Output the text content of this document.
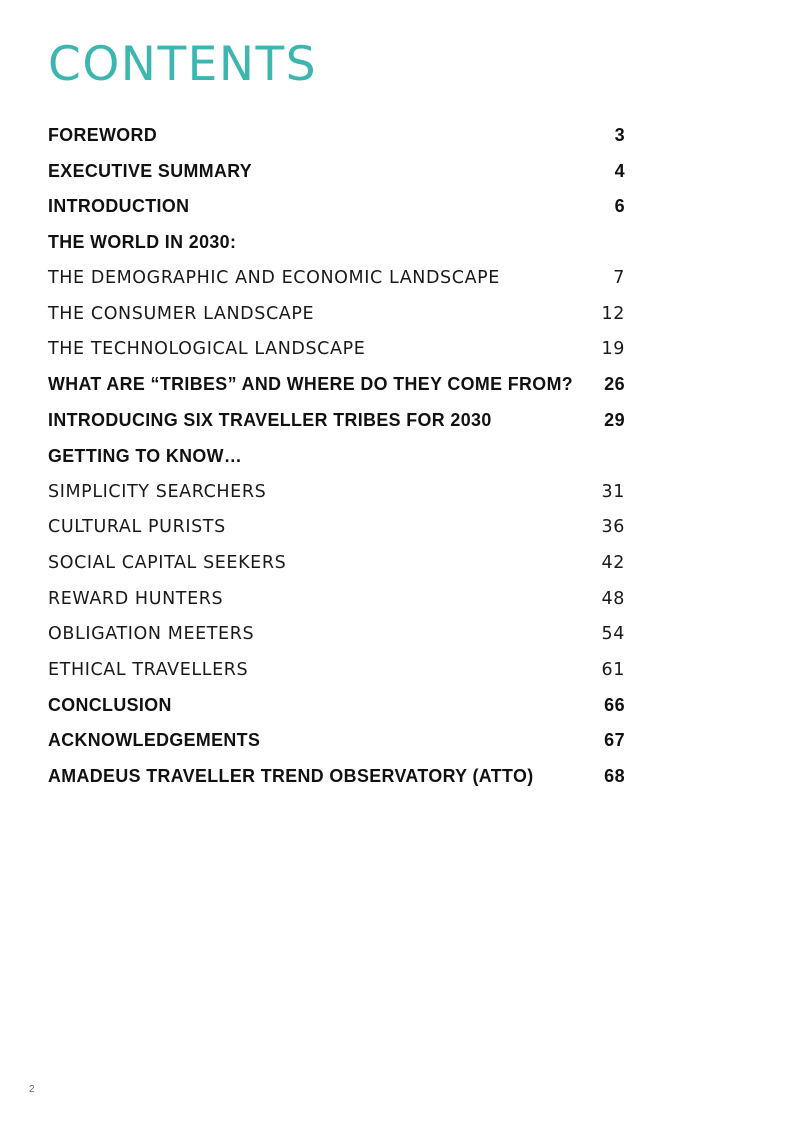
CONTENTS
FOREWORD	3
EXECUTIVE SUMMARY	4
INTRODUCTION	6
THE WORLD IN 2030:
THE DEMOGRAPHIC AND ECONOMIC LANDSCAPE	7
THE CONSUMER LANDSCAPE	12
THE TECHNOLOGICAL LANDSCAPE	19
WHAT ARE “TRIBES” AND WHERE DO THEY COME FROM?	26
INTRODUCING SIX TRAVELLER TRIBES FOR 2030	29
GETTING TO KNOW…
SIMPLICITY SEARCHERS	31
CULTURAL PURISTS	36
SOCIAL CAPITAL SEEKERS	42
REWARD HUNTERS	48
OBLIGATION MEETERS	54
ETHICAL TRAVELLERS	61
CONCLUSION	66
ACKNOWLEDGEMENTS	67
AMADEUS TRAVELLER TREND OBSERVATORY (ATTO)	68
2
